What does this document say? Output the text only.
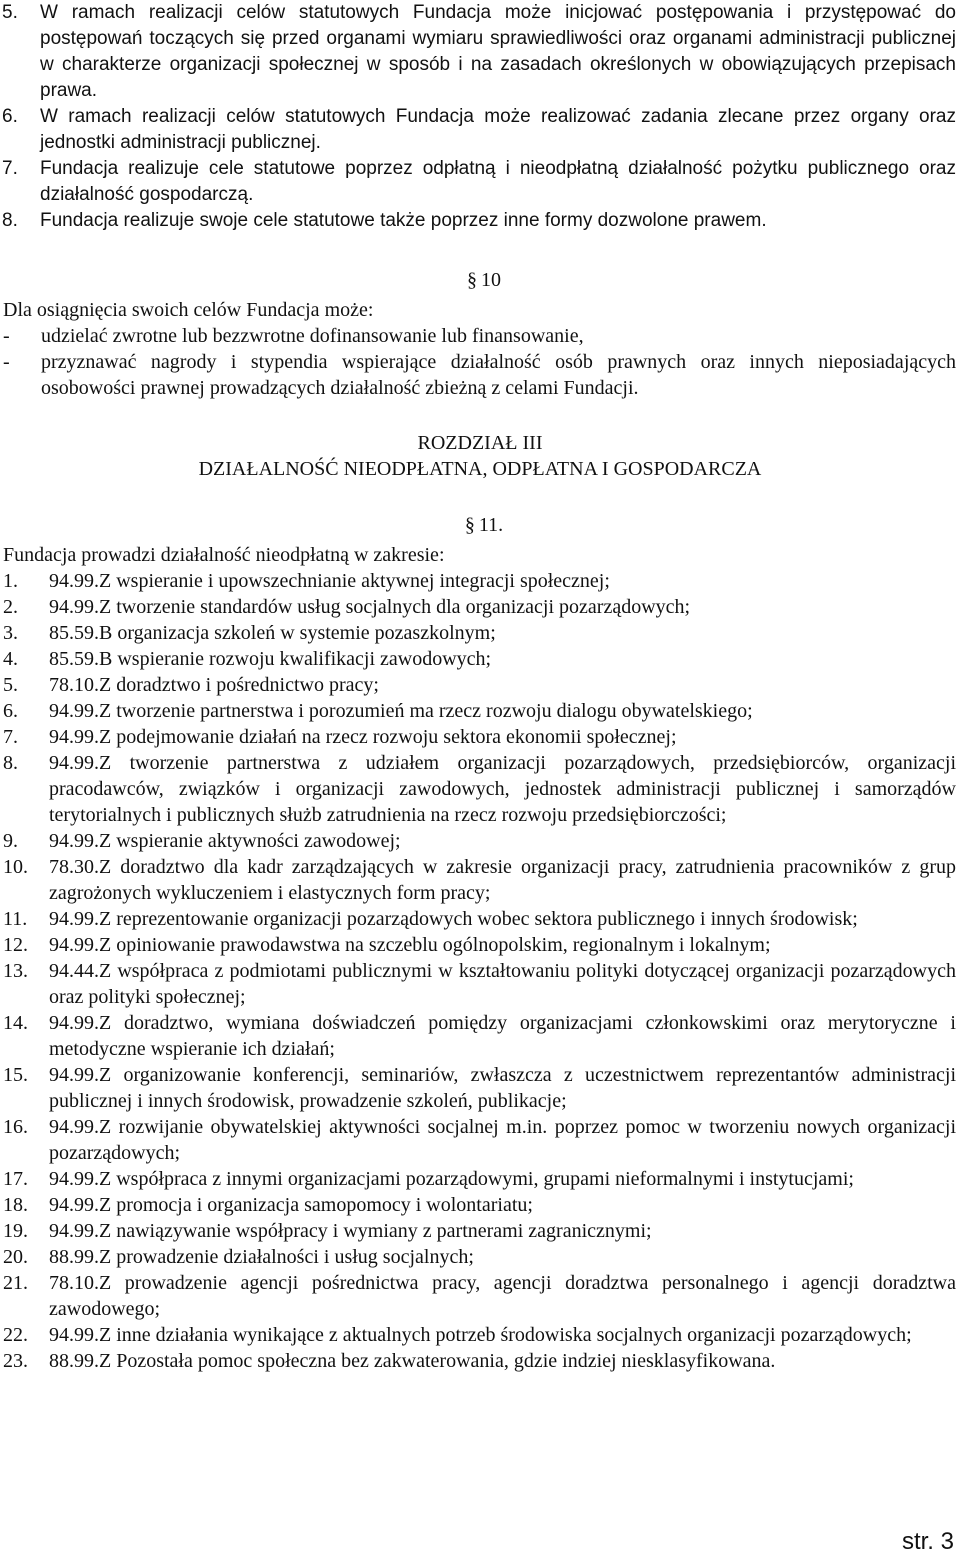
5.	W ramach realizacji celów statutowych Fundacja może inicjować postępowania i przystępować do postępowań toczących się przed organami wymiaru sprawiedliwości oraz organami administracji publicznej w charakterze organizacji społecznej w sposób i na zasadach określonych w obowiązujących przepisach prawa.
6.	W ramach realizacji celów statutowych Fundacja może realizować zadania zlecane przez organy oraz jednostki administracji publicznej.
7.	Fundacja realizuje cele statutowe poprzez odpłatną i nieodpłatną działalność pożytku publicznego oraz działalność gospodarczą.
8.	Fundacja realizuje swoje cele statutowe także poprzez inne formy dozwolone prawem.
§ 10
Dla osiągnięcia swoich celów Fundacja może:
-	udzielać zwrotne lub bezzwrotne dofinansowanie lub finansowanie,
-	przyznawać nagrody i stypendia wspierające działalność osób prawnych oraz innych nieposiadających osobowości prawnej prowadzących działalność zbieżną z celami Fundacji.
ROZDZIAŁ III
DZIAŁALNOŚĆ NIEODPŁATNA, ODPŁATNA I GOSPODARCZA
§ 11.
Fundacja prowadzi działalność nieodpłatną w zakresie:
1.	94.99.Z wspieranie i upowszechnianie aktywnej integracji społecznej;
2.	94.99.Z tworzenie standardów usług socjalnych dla organizacji pozarządowych;
3.	85.59.B organizacja szkoleń w systemie pozaszkolnym;
4.	85.59.B wspieranie rozwoju kwalifikacji zawodowych;
5.	78.10.Z doradztwo i pośrednictwo pracy;
6.	94.99.Z tworzenie partnerstwa i porozumień ma rzecz rozwoju dialogu obywatelskiego;
7.	94.99.Z podejmowanie działań na rzecz rozwoju sektora ekonomii społecznej;
8.	94.99.Z tworzenie partnerstwa z udziałem organizacji pozarządowych, przedsiębiorców, organizacji pracodawców, związków i organizacji zawodowych, jednostek administracji publicznej i samorządów terytorialnych i publicznych służb zatrudnienia na rzecz rozwoju przedsiębiorczości;
9.	94.99.Z wspieranie aktywności zawodowej;
10.	78.30.Z doradztwo dla kadr zarządzających w zakresie organizacji pracy, zatrudnienia pracowników z grup zagrożonych wykluczeniem i elastycznych form pracy;
11.	94.99.Z reprezentowanie organizacji pozarządowych wobec sektora publicznego i innych środowisk;
12.	94.99.Z opiniowanie prawodawstwa na szczeblu ogólnopolskim, regionalnym i lokalnym;
13.	94.44.Z współpraca z podmiotami publicznymi w kształtowaniu polityki dotyczącej organizacji pozarządowych oraz polityki społecznej;
14.	94.99.Z doradztwo, wymiana doświadczeń pomiędzy organizacjami członkowskimi oraz merytoryczne i metodyczne wspieranie ich działań;
15.	94.99.Z organizowanie konferencji, seminariów, zwłaszcza z uczestnictwem reprezentantów administracji publicznej i innych środowisk, prowadzenie szkoleń, publikacje;
16.	94.99.Z rozwijanie obywatelskiej aktywności socjalnej m.in. poprzez pomoc w tworzeniu nowych organizacji pozarządowych;
17.	94.99.Z współpraca z innymi organizacjami pozarządowymi, grupami nieformalnymi i instytucjami;
18.	94.99.Z promocja i organizacja samopomocy i wolontariatu;
19.	94.99.Z nawiązywanie współpracy i wymiany z partnerami zagranicznymi;
20.	88.99.Z prowadzenie działalności i usług socjalnych;
21.	78.10.Z prowadzenie agencji pośrednictwa pracy, agencji doradztwa personalnego i agencji doradztwa zawodowego;
22.	94.99.Z inne działania wynikające z aktualnych potrzeb środowiska socjalnych organizacji pozarządowych;
23.	88.99.Z Pozostała pomoc społeczna bez zakwaterowania, gdzie indziej niesklasyfikowana.
str. 3
